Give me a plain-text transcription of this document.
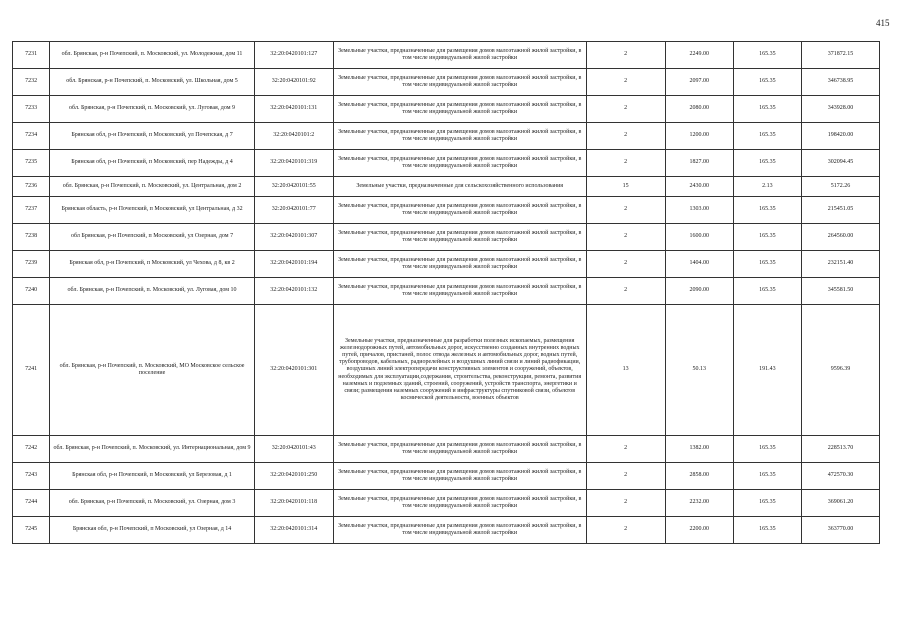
415
7231	обл. Брянская, р-н Почепский, п. Московский, ул. Молодежная, дом 11	32:20:0420101:127	Земельные участки, предназначенные для размещения домов малоэтажной жилой застройки, в том числе индивидуальной жилой застройки	2	2249.00	165.35	371872.15
7232	обл. Брянская, р-н Почепский, п. Московский, ул. Школьная, дом 5	32:20:0420101:92	Земельные участки, предназначенные для размещения домов малоэтажной жилой застройки, в том числе индивидуальной жилой застройки	2	2097.00	165.35	346738.95
7233	обл. Брянская, р-н Почепский, п. Московский, ул. Луговая, дом 9	32:20:0420101:131	Земельные участки, предназначенные для размещения домов малоэтажной жилой застройки, в том числе индивидуальной жилой застройки	2	2080.00	165.35	343928.00
7234	Брянская обл, р-н Почепский, п Московский, ул Почепская, д 7	32:20:0420101:2	Земельные участки, предназначенные для размещения домов малоэтажной жилой застройки, в том числе индивидуальной жилой застройки	2	1200.00	165.35	198420.00
7235	Брянская обл, р-н Почепский, п Московский, пер Надежды, д 4	32:20:0420101:319	Земельные участки, предназначенные для размещения домов малоэтажной жилой застройки, в том числе индивидуальной жилой застройки	2	1827.00	165.35	302094.45
7236	обл. Брянская, р-н Почепский, п. Московский, ул. Центральная, дом 2	32:20:0420101:55	Земельные участки, предназначенные для сельскохозяйственного использования	15	2430.00	2.13	5172.26
7237	Брянская область, р-н Почепский, п Московский, ул Центральная, д 32	32:20:0420101:77	Земельные участки, предназначенные для размещения домов малоэтажной жилой застройки, в том числе индивидуальной жилой застройки	2	1303.00	165.35	215451.05
7238	обл Брянская, р-н Почепский, п Московский, ул Озерная, дом 7	32:20:0420101:307	Земельные участки, предназначенные для размещения домов малоэтажной жилой застройки, в том числе индивидуальной жилой застройки	2	1600.00	165.35	264560.00
7239	Брянская обл, р-н Почепский, п Московский, ул Чехова, д 8, кв 2	32:20:0420101:194	Земельные участки, предназначенные для размещения домов малоэтажной жилой застройки, в том числе индивидуальной жилой застройки	2	1404.00	165.35	232151.40
7240	обл. Брянская, р-н Почепский, п. Московский, ул. Луговая, дом 10	32:20:0420101:132	Земельные участки, предназначенные для размещения домов малоэтажной жилой застройки, в том числе индивидуальной жилой застройки	2	2090.00	165.35	345581.50
7241	обл. Брянская, р-н Почепский, п. Московский, МО Московское сельское поселение	32:20:0420101:301	Земельные участки, предназначенные для разработки полезных ископаемых, размещения железнодорожных путей, автомобильных дорог, искусственно созданных внутренних водных путей, причалов, пристаней, полос отвода железных и автомобильных дорог, водных путей, трубопроводов, кабельных, радиорелейных и воздушных линий связи и линий радиофикации, воздушных линий электропередачи конструктивных элементов и сооружений, объектов, необходимых для эксплуатации,содержания, строительства, реконструкции, ремонта, развития наземных и подземных зданий, строений, сооружений, устройств транспорта, энергетики и связи; размещения наземных сооружений и инфраструктуры спутниковой связи, объектов космической деятельности, военных объектов	13	50.13	191.43	9596.39
7242	обл. Брянская, р-н Почепский, п. Московский, ул. Интернациональная, дом 9	32:20:0420101:43	Земельные участки, предназначенные для размещения домов малоэтажной жилой застройки, в том числе индивидуальной жилой застройки	2	1382.00	165.35	228513.70
7243	Брянская обл, р-н Почепский, п Московский, ул Березовая, д 1	32:20:0420101:250	Земельные участки, предназначенные для размещения домов малоэтажной жилой застройки, в том числе индивидуальной жилой застройки	2	2858.00	165.35	472570.30
7244	обл. Брянская, р-н Почепский, п. Московский, ул. Озерная, дом 3	32:20:0420101:118	Земельные участки, предназначенные для размещения домов малоэтажной жилой застройки, в том числе индивидуальной жилой застройки	2	2232.00	165.35	369061.20
7245	Брянская обл, р-н Почепский, п Московский, ул Озерная, д 14	32:20:0420101:314	Земельные участки, предназначенные для размещения домов малоэтажной жилой застройки, в том числе индивидуальной жилой застройки	2	2200.00	165.35	363770.00
